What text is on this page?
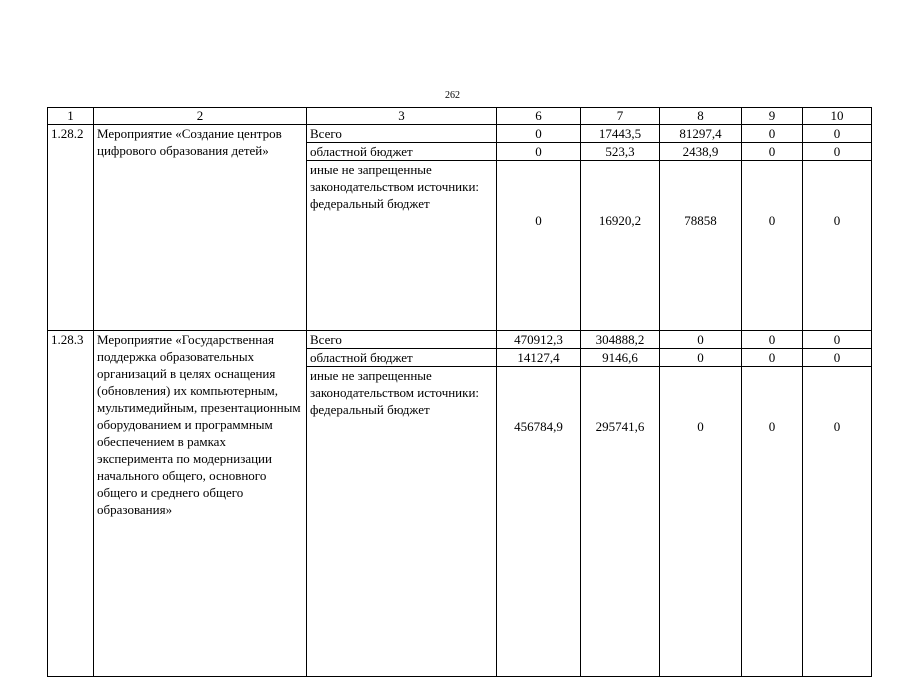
262
1	2	3	6	7	8	9	10
1.28.2	Мероприятие «Создание центров цифрового образования детей»	Всего	0	17443,5	81297,4	0	0
		областной бюджет	0	523,3	2438,9	0	0
		иные не запрещенные законодательством источники: федеральный бюджет	0	16920,2	78858	0	0
1.28.3	Мероприятие «Государственная поддержка образовательных организаций в целях оснащения (обновления) их компьютерным, мультимедийным, презентационным оборудованием и программным обеспечением в рамках эксперимента по модернизации начального общего, основного общего и среднего общего образования»	Всего	470912,3	304888,2	0	0	0
		областной бюджет	14127,4	9146,6	0	0	0
		иные не запрещенные законодательством источники: федеральный бюджет	456784,9	295741,6	0	0	0
